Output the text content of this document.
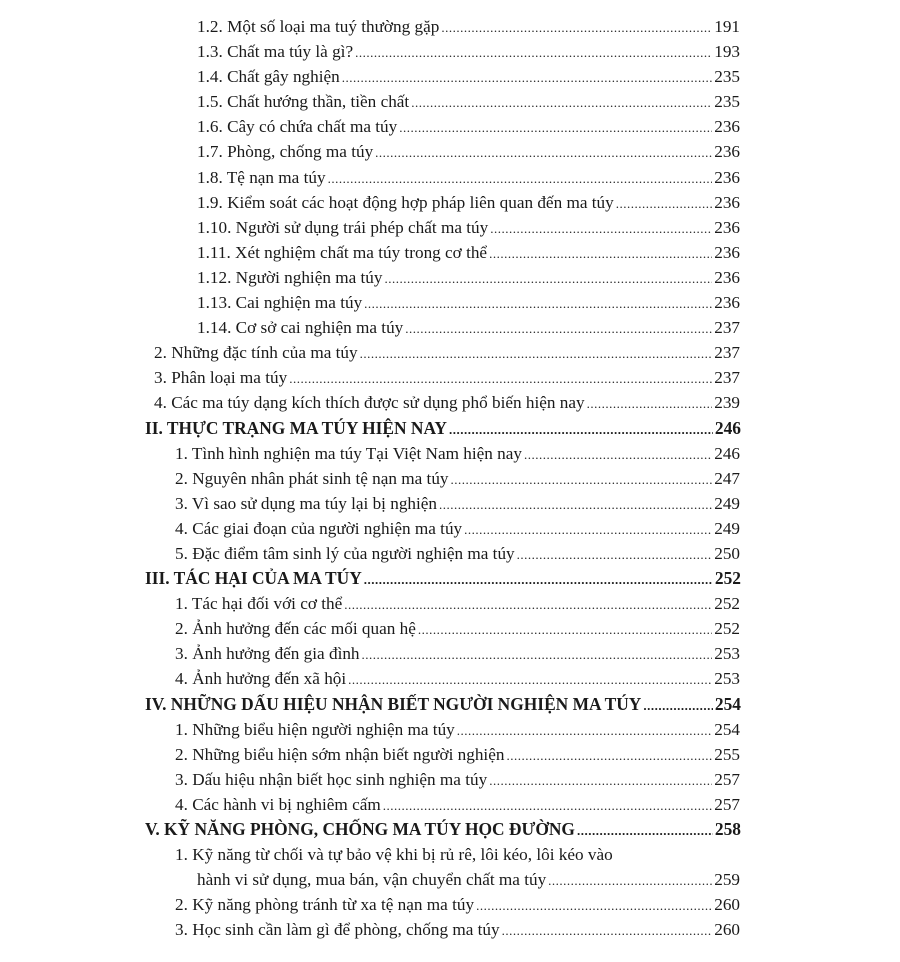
1.2. Một số loại ma tuý thường gặp .....	191
1.3. Chất ma túy là gì? .....	193
1.4. Chất gây nghiện .....	235
1.5. Chất hướng thần, tiền chất .....	235
1.6. Cây có chứa chất ma túy .....	236
1.7. Phòng, chống ma túy .....	236
1.8. Tệ nạn ma túy .....	236
1.9. Kiểm soát các hoạt động hợp pháp liên quan đến ma túy .....	236
1.10. Người sử dụng trái phép chất ma túy .....	236
1.11. Xét nghiệm chất ma túy trong cơ thể .....	236
1.12. Người nghiện ma túy .....	236
1.13. Cai nghiện ma túy .....	236
1.14. Cơ sở cai nghiện ma túy .....	237
2. Những đặc tính của ma túy .....	237
3. Phân loại ma túy .....	237
4. Các ma túy dạng kích thích được sử dụng phổ biến hiện nay .....	239
II. THỰC TRẠNG MA TÚY HIỆN NAY .....	246
1. Tình hình nghiện ma túy Tại Việt Nam hiện nay .....	246
2. Nguyên nhân phát sinh tệ nạn ma túy .....	247
3. Vì sao sử dụng ma túy lại bị nghiện .....	249
4. Các giai đoạn của người nghiện ma túy .....	249
5. Đặc điểm tâm sinh lý của người nghiện ma túy .....	250
III. TÁC HẠI CỦA MA TÚY .....	252
1. Tác hại đối với cơ thể .....	252
2. Ảnh hưởng đến các mối quan hệ .....	252
3. Ảnh hưởng đến gia đình .....	253
4. Ảnh hưởng đến xã hội .....	253
IV. NHỮNG DẤU HIỆU NHẬN BIẾT NGƯỜI NGHIỆN MA TÚY .....	254
1. Những biểu hiện người nghiện ma túy .....	254
2. Những biểu hiện sớm nhận biết người nghiện .....	255
3. Dấu hiệu nhận biết học sinh nghiện ma túy .....	257
4. Các hành vi bị nghiêm cấm .....	257
V. KỸ NĂNG PHÒNG, CHỐNG MA TÚY HỌC ĐƯỜNG .....	258
1. Kỹ năng từ chối và tự bảo vệ khi bị rủ rê, lôi kéo, lôi kéo vào
hành vi sử dụng, mua bán, vận chuyển chất ma túy .....	259
2. Kỹ năng phòng tránh từ xa tệ nạn ma túy .....	260
3. Học sinh cần làm gì để phòng, chống ma túy .....	260
